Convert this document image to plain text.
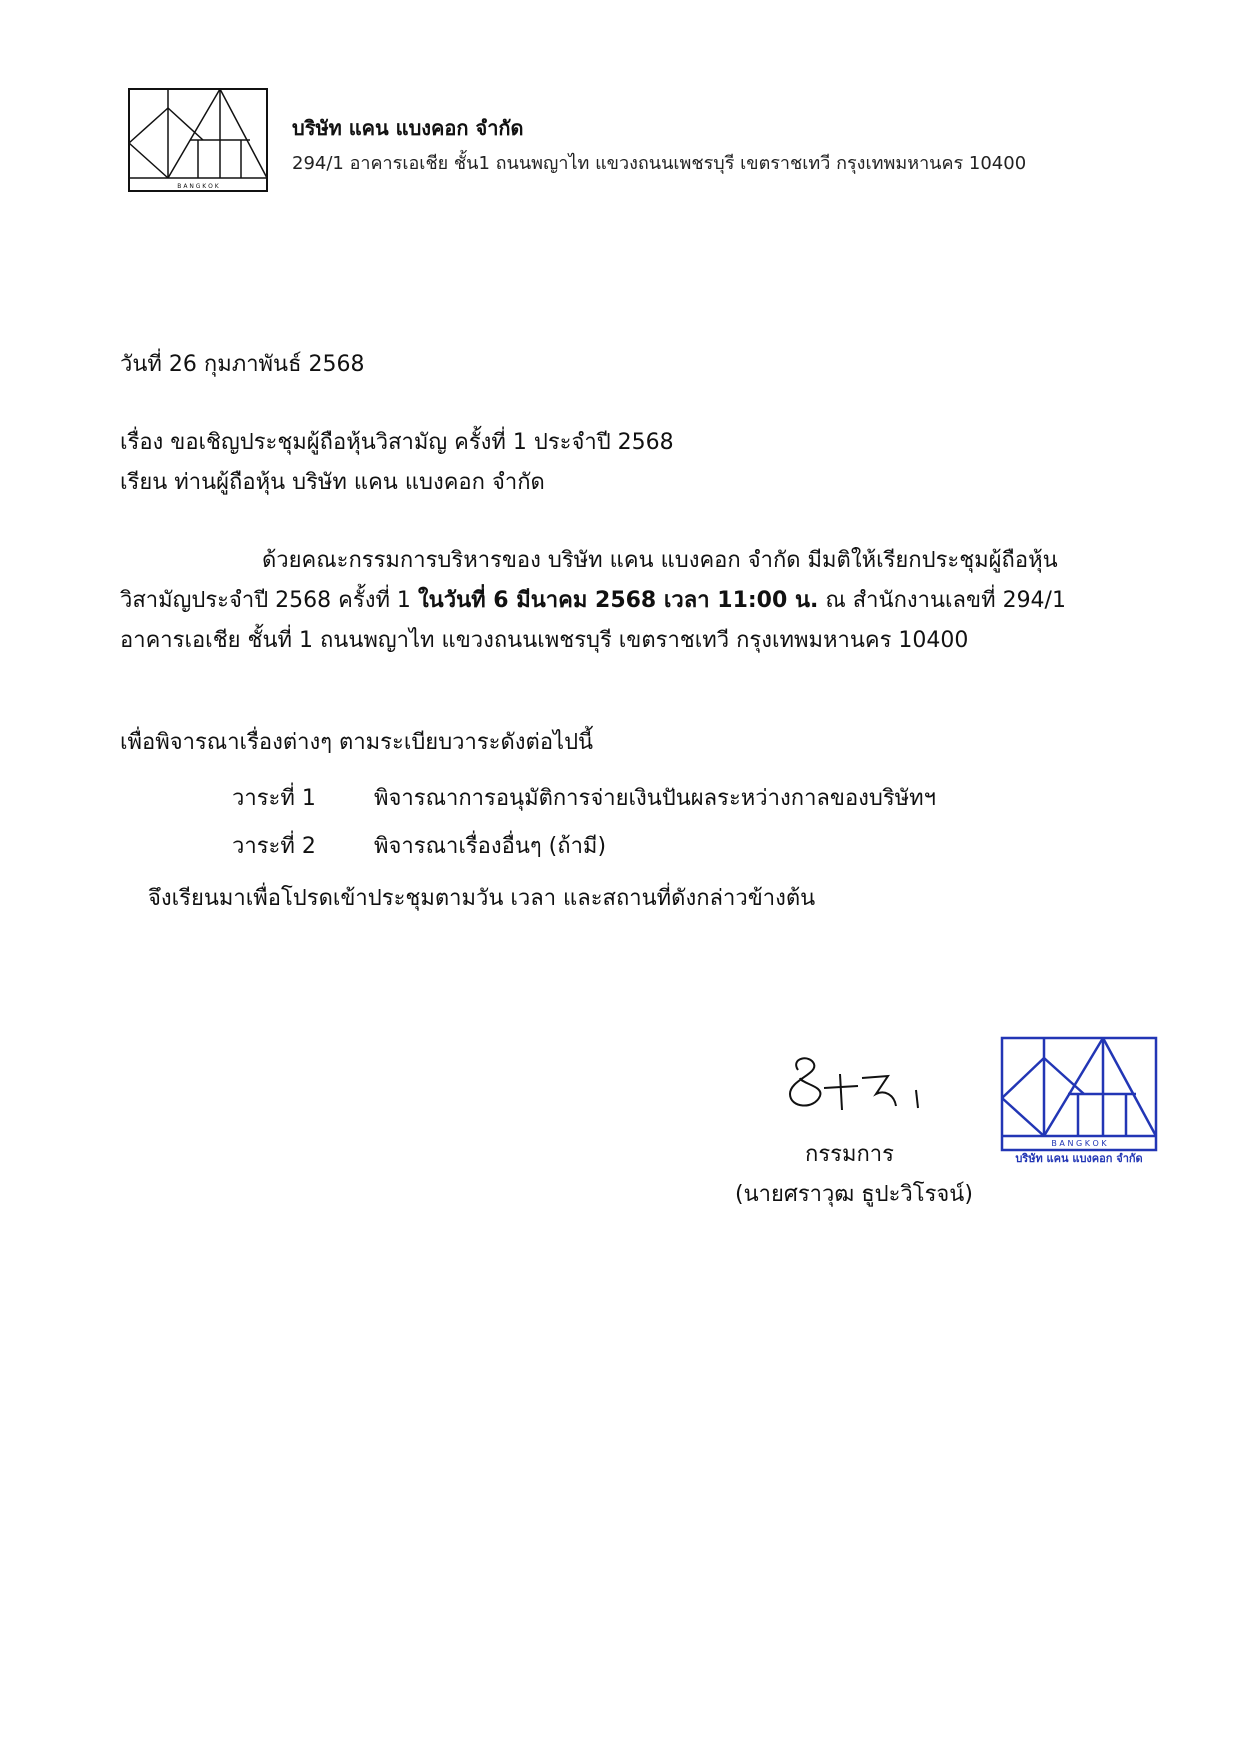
B A N G K O K
บริษัท แคน แบงคอก จำกัด
294/1 อาคารเอเชีย ชั้น1 ถนนพญาไท แขวงถนนเพชรบุรี เขตราชเทวี กรุงเทพมหานคร 10400
วันที่ 26 กุมภาพันธ์ 2568
เรื่อง ขอเชิญประชุมผู้ถือหุ้นวิสามัญ ครั้งที่ 1 ประจำปี 2568
เรียน ท่านผู้ถือหุ้น บริษัท แคน แบงคอก จำกัด
ด้วยคณะกรรมการบริหารของ บริษัท แคน แบงคอก จำกัด มีมติให้เรียกประชุมผู้ถือหุ้น
วิสามัญประจำปี 2568 ครั้งที่ 1 ในวันที่ 6 มีนาคม 2568 เวลา 11:00 น. ณ สำนักงานเลขที่ 294/1
อาคารเอเชีย ชั้นที่ 1 ถนนพญาไท แขวงถนนเพชรบุรี เขตราชเทวี กรุงเทพมหานคร 10400
เพื่อพิจารณาเรื่องต่างๆ ตามระเบียบวาระดังต่อไปนี้
วาระที่ 1	พิจารณาการอนุมัติการจ่ายเงินปันผลระหว่างกาลของบริษัทฯ
วาระที่ 2	พิจารณาเรื่องอื่นๆ (ถ้ามี)
จึงเรียนมาเพื่อโปรดเข้าประชุมตามวัน เวลา และสถานที่ดังกล่าวข้างต้น
กรรมการ
(นายศราวุฒ ธูปะวิโรจน์)
B A N G K O K
บริษัท แคน แบงคอก จำกัด
